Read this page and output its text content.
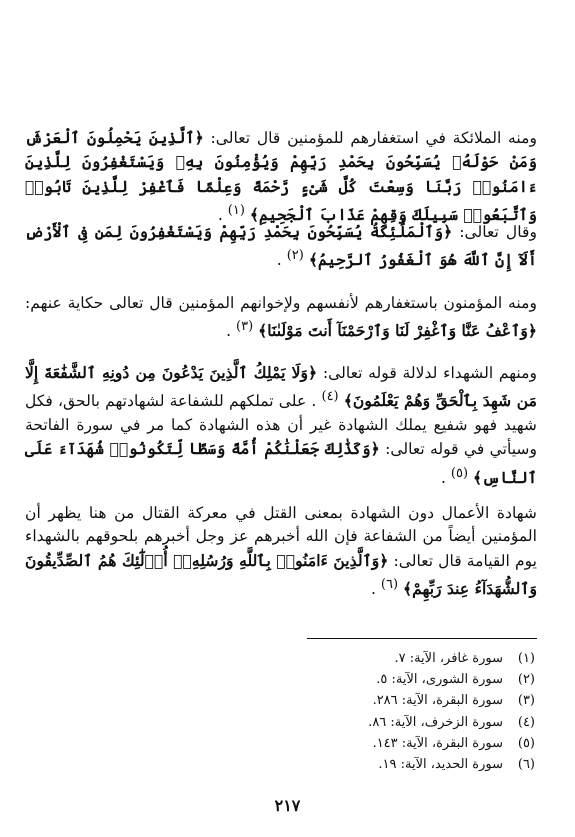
ومنه الملائكة في استغفارهم للمؤمنين قال تعالى: ﴿ٱلَّذِينَ يَحْمِلُونَ ٱلْعَرْشَ وَمَنْ حَوْلَهُۥ يُسَبِّحُونَ بِحَمْدِ رَبِّهِمْ وَيُؤْمِنُونَ بِهِۦ وَيَسْتَغْفِرُونَ لِلَّذِينَ ءَامَنُوا۟ رَبَّنَا وَسِعْتَ كُلَّ شَىْءٍ رَّحْمَةً وَعِلْمًا فَٱغْفِرْ لِلَّذِينَ تَابُوا۟ وَٱتَّبَعُوا۟ سَبِيلَكَ وَقِهِمْ عَذَابَ ٱلْجَحِيمِ﴾ $^{(١)}$ .

وقال تعالى: ﴿وَٱلْمَلَٰٓئِكَةُ يُسَبِّحُونَ بِحَمْدِ رَبِّهِمْ وَيَسْتَغْفِرُونَ لِمَن فِى ٱلْأَرْضِ أَلَآ إِنَّ ٱللَّهَ هُوَ ٱلْغَفُورُ ٱلرَّحِيمُ﴾ $^{(٢)}$ .

ومنه المؤمنون باستغفارهم لأنفسهم ولإخوانهم المؤمنين قال تعالى حكاية عنهم: ﴿وَٱعْفُ عَنَّا وَٱغْفِرْ لَنَا وَٱرْحَمْنَآ أَنتَ مَوْلَىٰنَا﴾ $^{(٣)}$ .

ومنهم الشهداء لدلالة قوله تعالى: ﴿وَلَا يَمْلِكُ ٱلَّذِينَ يَدْعُونَ مِن دُونِهِ ٱلشَّفَٰعَةَ إِلَّا مَن شَهِدَ بِٱلْحَقِّ وَهُمْ يَعْلَمُونَ﴾ $^{(٤)}$ . على تملكهم للشفاعة لشهادتهم بالحق، فكل شهيد فهو شفيع يملك الشهادة غير أن هذه الشهادة كما مر في سورة الفاتحة وسيأتي في قوله تعالى: ﴿وَكَذَٰلِكَ جَعَلْنَٰكُمْ أُمَّةً وَسَطًا لِّتَكُونُوا۟ شُهَدَآءَ عَلَى ٱلنَّاسِ﴾ $^{(٥)}$ .

شهادة الأعمال دون الشهادة بمعنى القتل في معركة القتال من هنا يظهر أن المؤمنين أيضاً من الشفاعة فإن الله أخبرهم عز وجل أخبرهم بلحوقهم بالشهداء يوم القيامة قال تعالى: ﴿وَٱلَّذِينَ ءَامَنُوا۟ بِٱللَّهِ وَرُسُلِهِۦٓ أُو۟لَٰٓئِكَ هُمُ ٱلصِّدِّيقُونَ وَٱلشُّهَدَآءُ عِندَ رَبِّهِمْ﴾ $^{(٦)}$ .

(١)سورة غافر، الآية: ٧.
(٢)سورة الشورى، الآية: ٥.
(٣)سورة البقرة، الآية: ٢٨٦.
(٤)سورة الزخرف، الآية: ٨٦.
(٥)سورة البقرة، الآية: ١٤٣.
(٦)سورة الحديد، الآية: ١٩.
٢١٧
